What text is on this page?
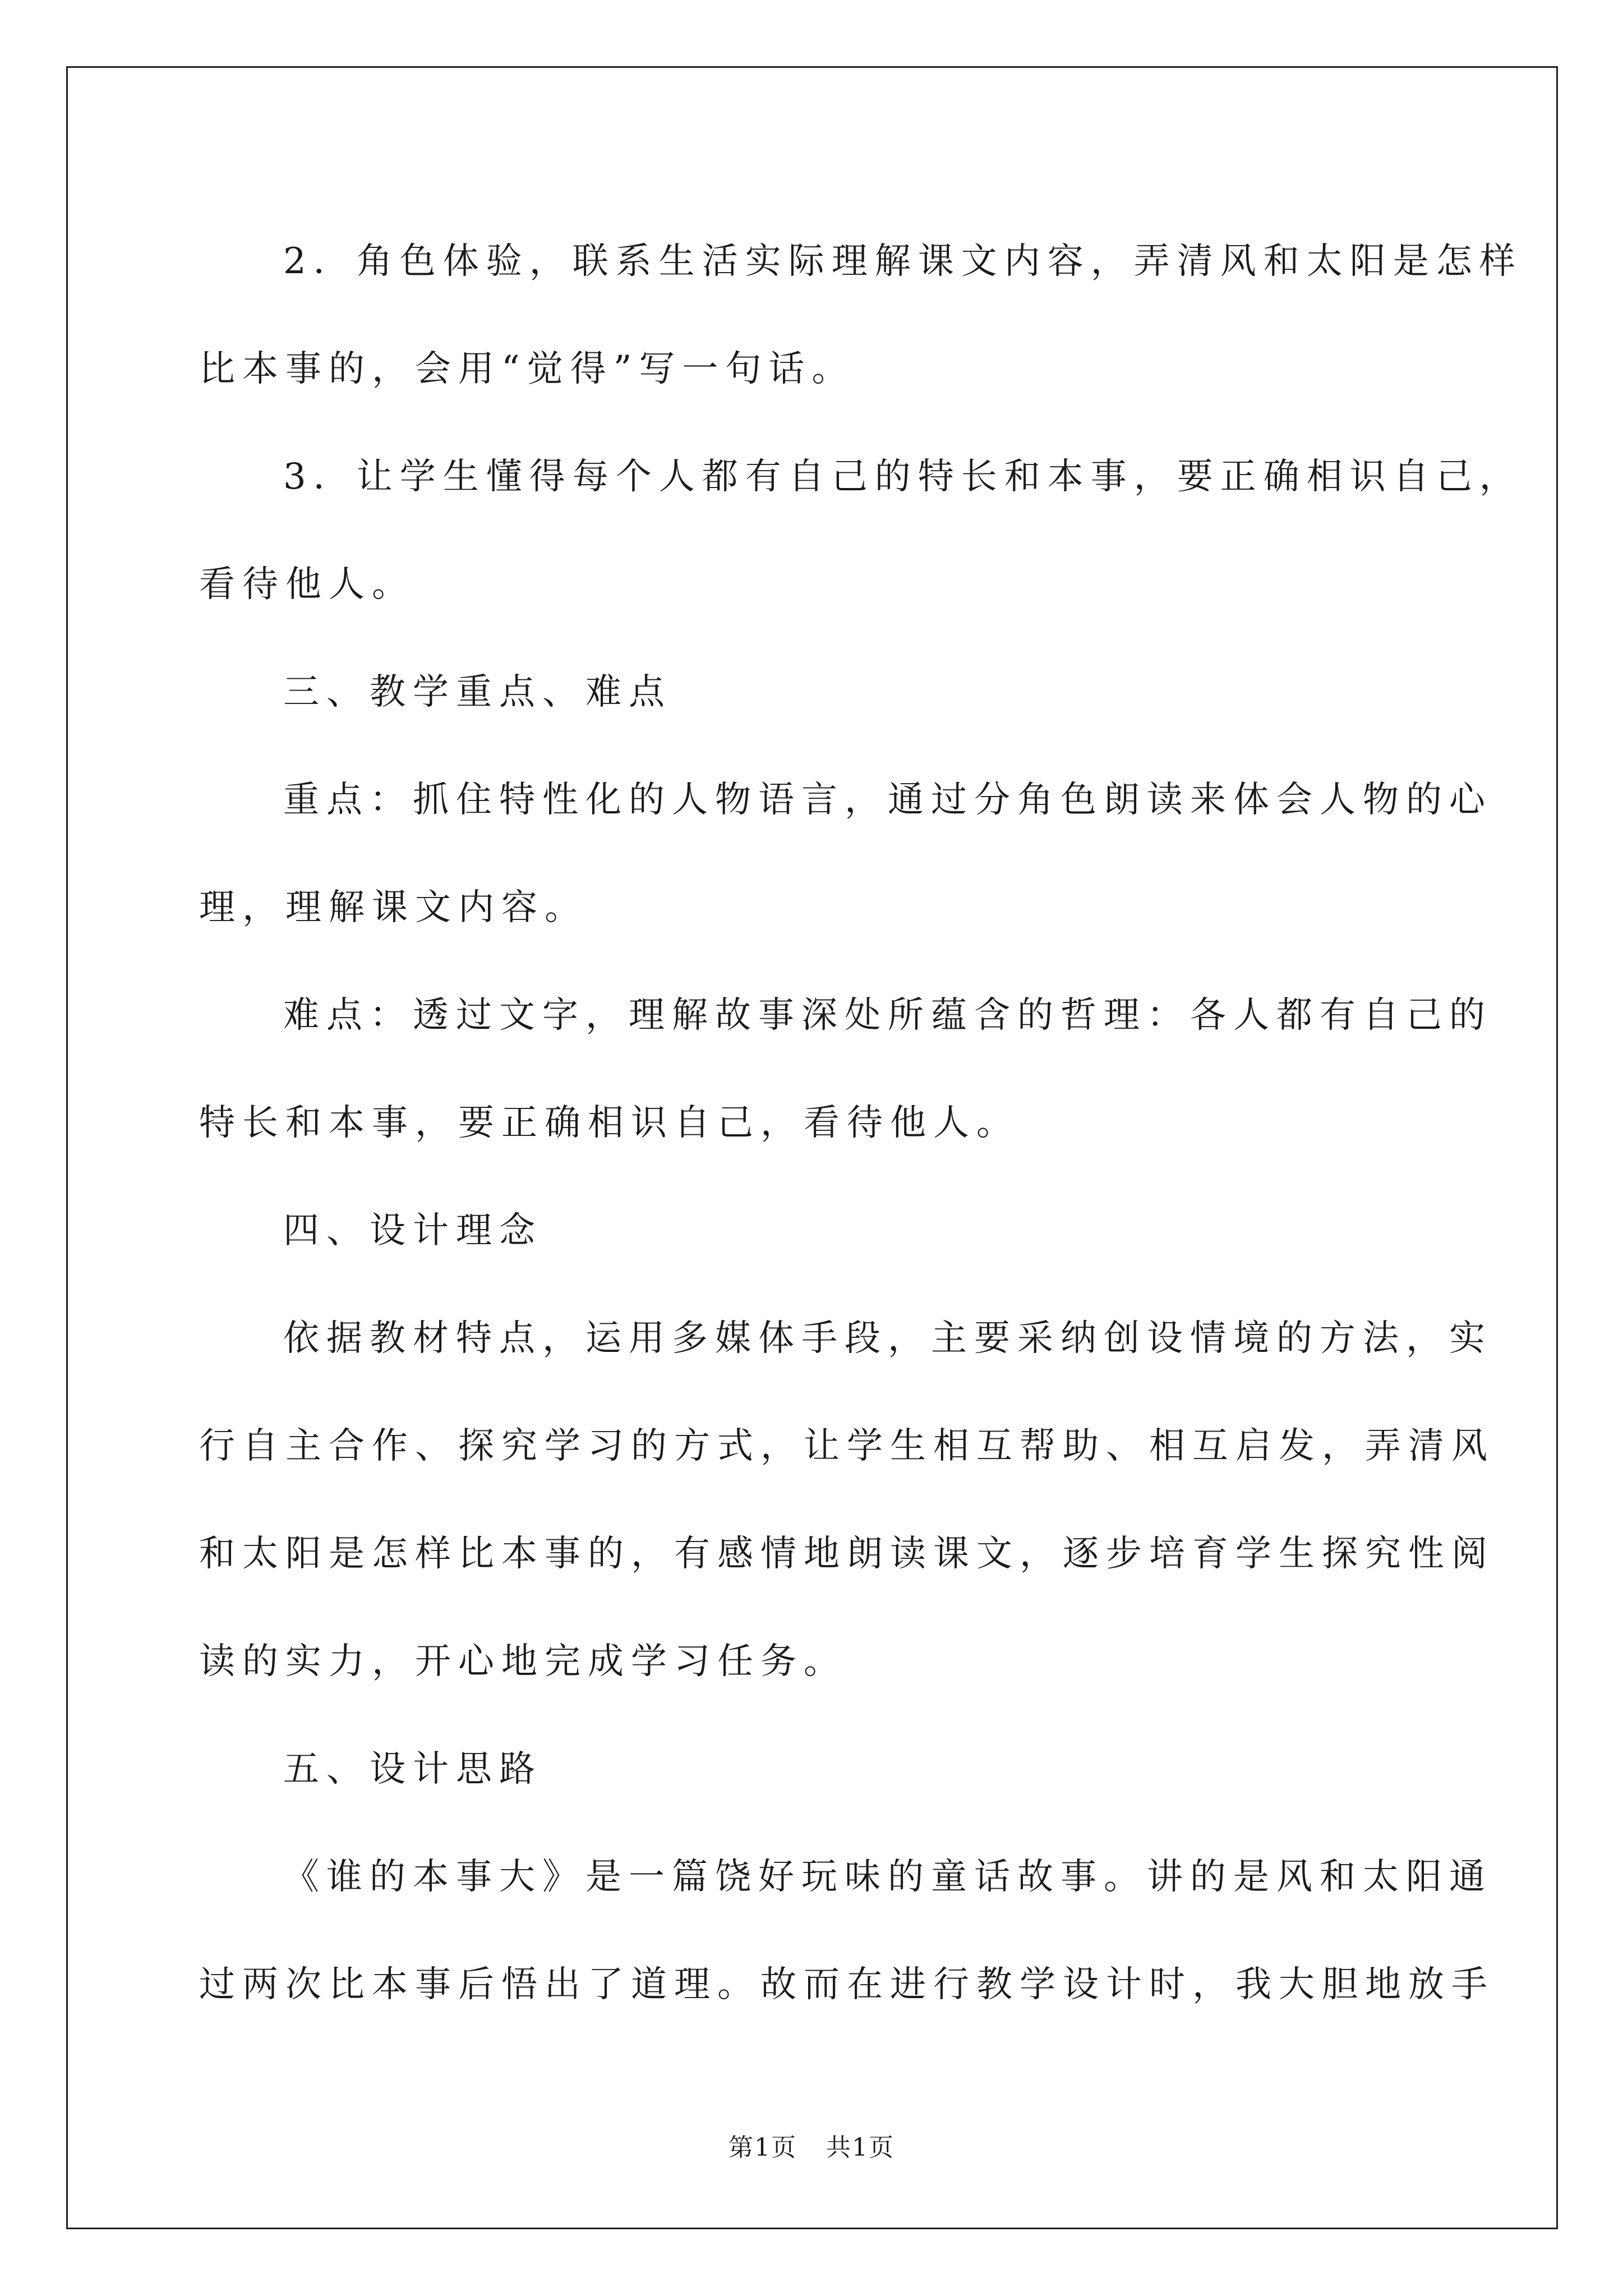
2．角色体验，联系生活实际理解课文内容，弄清风和太阳是怎样
比本事的，会用“觉得”写一句话。
3．让学生懂得每个人都有自己的特长和本事，要正确相识自己，
看待他人。
三、教学重点、难点
重点：抓住特性化的人物语言，通过分角色朗读来体会人物的心
理，理解课文内容。
难点：透过文字，理解故事深处所蕴含的哲理：各人都有自己的
特长和本事，要正确相识自己，看待他人。
四、设计理念
依据教材特点，运用多媒体手段，主要采纳创设情境的方法，实
行自主合作、探究学习的方式，让学生相互帮助、相互启发，弄清风
和太阳是怎样比本事的，有感情地朗读课文，逐步培育学生探究性阅
读的实力，开心地完成学习任务。
五、设计思路
《谁的本事大》是一篇饶好玩味的童话故事。讲的是风和太阳通
过两次比本事后悟出了道理。故而在进行教学设计时，我大胆地放手
第1页 共1页
